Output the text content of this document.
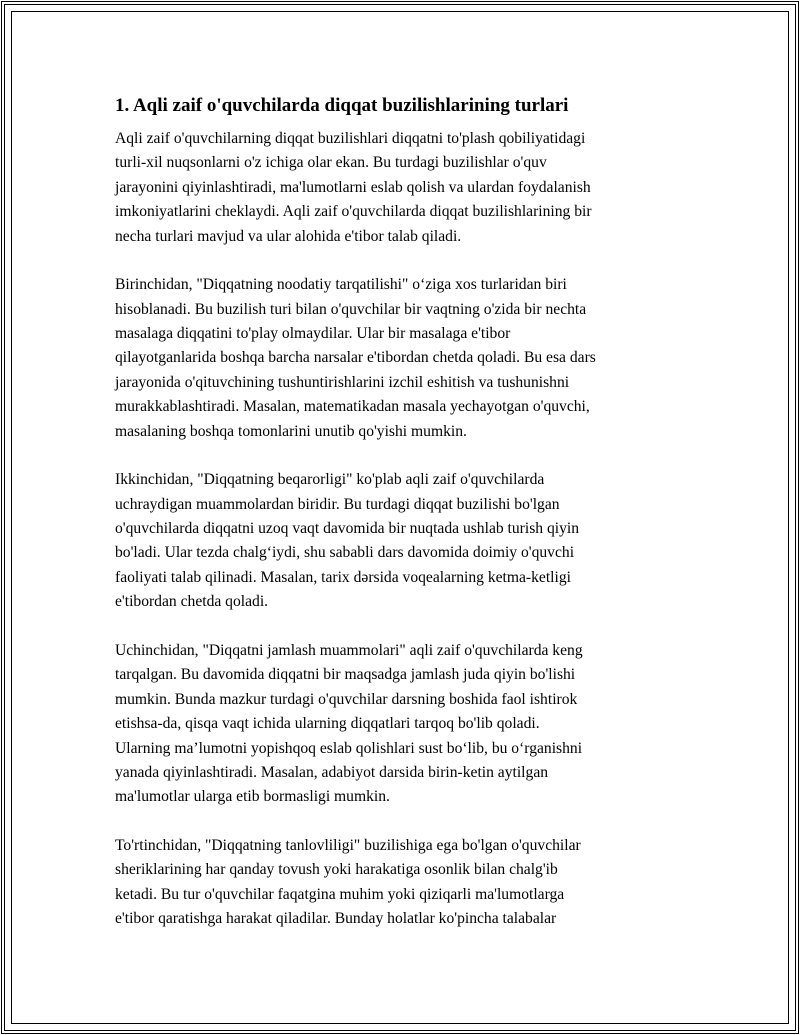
1. Aqli zaif o'quvchilarda diqqat buzilishlarining turlari

Aqli zaif o'quvchilarning diqqat buzilishlari diqqatni to'plash qobiliyatidagi
turli-xil nuqsonlarni o'z ichiga olar ekan. Bu turdagi buzilishlar o'quv
jarayonini qiyinlashtiradi, ma'lumotlarni eslab qolish va ulardan foydalanish
imkoniyatlarini cheklaydi. Aqli zaif o'quvchilarda diqqat buzilishlarining bir
necha turlari mavjud va ular alohida e'tibor talab qiladi.

Birinchidan, "Diqqatning noodatiy tarqatilishi" o‘ziga xos turlaridan biri
hisoblanadi. Bu buzilish turi bilan o'quvchilar bir vaqtning o'zida bir nechta
masalaga diqqatini to'play olmaydilar. Ular bir masalaga e'tibor
qilayotganlarida boshqa barcha narsalar e'tibordan chetda qoladi. Bu esa dars
jarayonida o'qituvchining tushuntirishlarini izchil eshitish va tushunishni
murakkablashtiradi. Masalan, matematikadan masala yechayotgan o'quvchi,
masalaning boshqa tomonlarini unutib qo'yishi mumkin.

Ikkinchidan, "Diqqatning beqarorligi" ko'plab aqli zaif o'quvchilarda
uchraydigan muammolardan biridir. Bu turdagi diqqat buzilishi bo'lgan
o'quvchilarda diqqatni uzoq vaqt davomida bir nuqtada ushlab turish qiyin
bo'ladi. Ular tezda chalg‘iydi, shu sababli dars davomida doimiy o'quvchi
faoliyati talab qilinadi. Masalan, tarix dərsida voqealarning ketma-ketligi
e'tibordan chetda qoladi.

Uchinchidan, "Diqqatni jamlash muammolari" aqli zaif o'quvchilarda keng
tarqalgan. Bu davomida diqqatni bir maqsadga jamlash juda qiyin bo'lishi
mumkin. Bunda mazkur turdagi o'quvchilar darsning boshida faol ishtirok
etishsa-da, qisqa vaqt ichida ularning diqqatlari tarqoq bo'lib qoladi.
Ularning ma’lumotni yopishqoq eslab qolishlari sust bo‘lib, bu o‘rganishni
yanada qiyinlashtiradi. Masalan, adabiyot darsida birin-ketin aytilgan
ma'lumotlar ularga etib bormasligi mumkin.

To'rtinchidan, "Diqqatning tanlovliligi" buzilishiga ega bo'lgan o'quvchilar
sheriklarining har qanday tovush yoki harakatiga osonlik bilan chalg'ib
ketadi. Bu tur o'quvchilar faqatgina muhim yoki qiziqarli ma'lumotlarga
e'tibor qaratishga harakat qiladilar. Bunday holatlar ko'pincha talabalar
